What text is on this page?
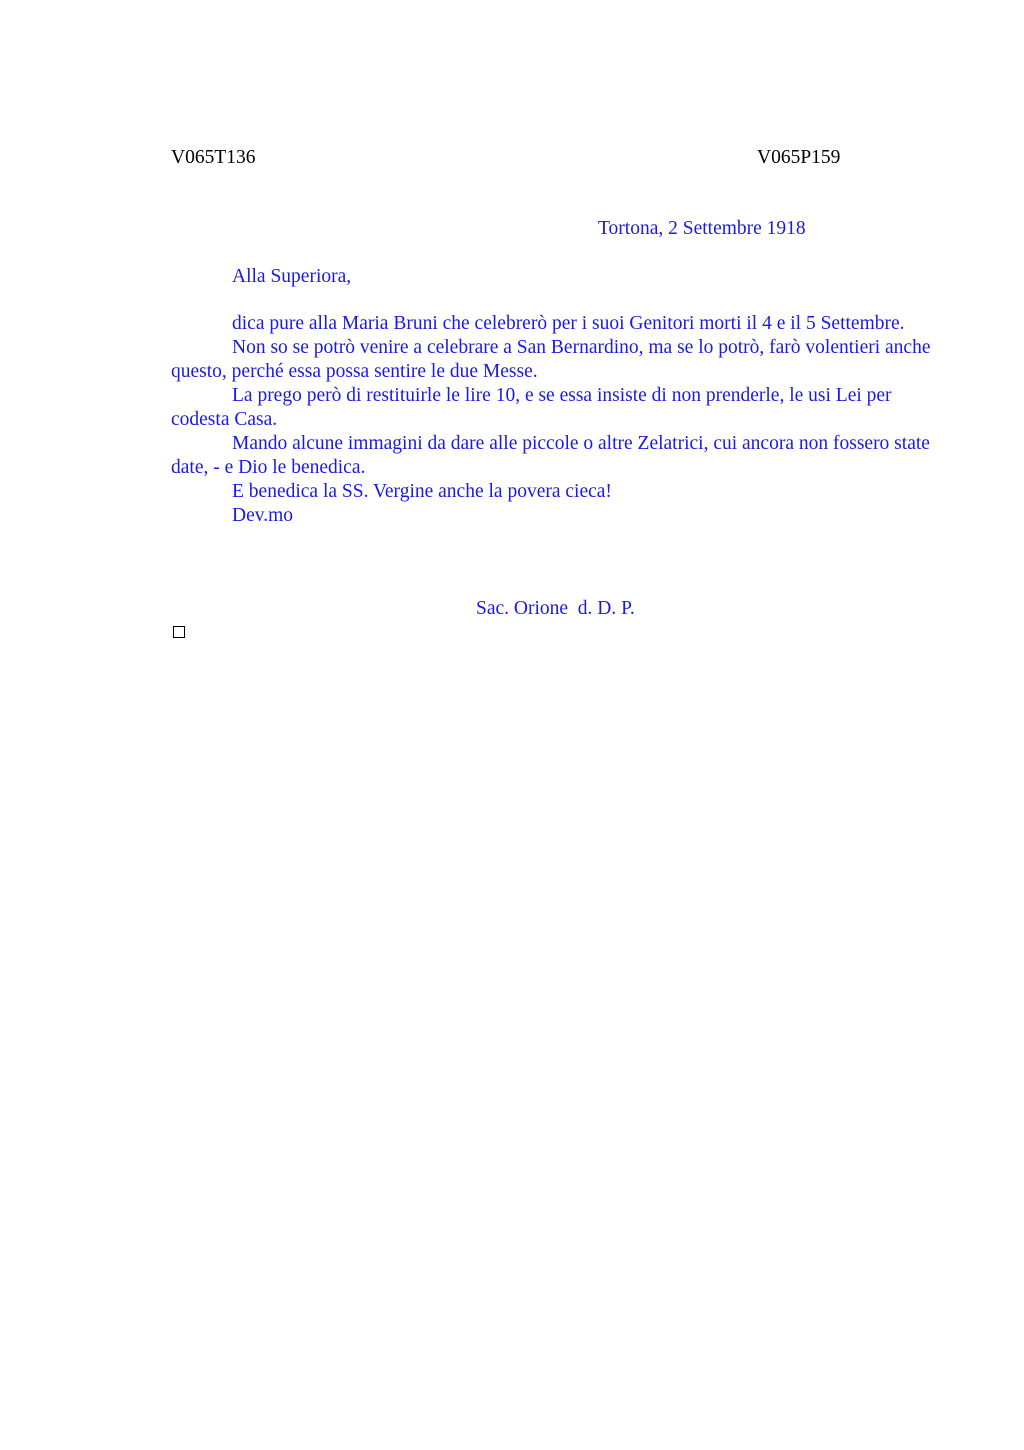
V065T136	V065P159
Tortona, 2 Settembre 1918
Alla Superiora,

dica pure alla Maria Bruni che celebrerò per i suoi Genitori morti il 4 e il 5 Settembre.

Non so se potrò venire a celebrare a San Bernardino, ma se lo potrò, farò volentieri anche questo, perché essa possa sentire le due Messe.

La prego però di restituirle le lire 10, e se essa insiste di non prenderle, le usi Lei per codesta Casa.

Mando alcune immagini da dare alle piccole o altre Zelatrici, cui ancora non fossero state date, - e Dio le benedica.

E benedica la SS. Vergine anche la povera cieca!

Dev.mo

Sac. Orione  d. D. P.
